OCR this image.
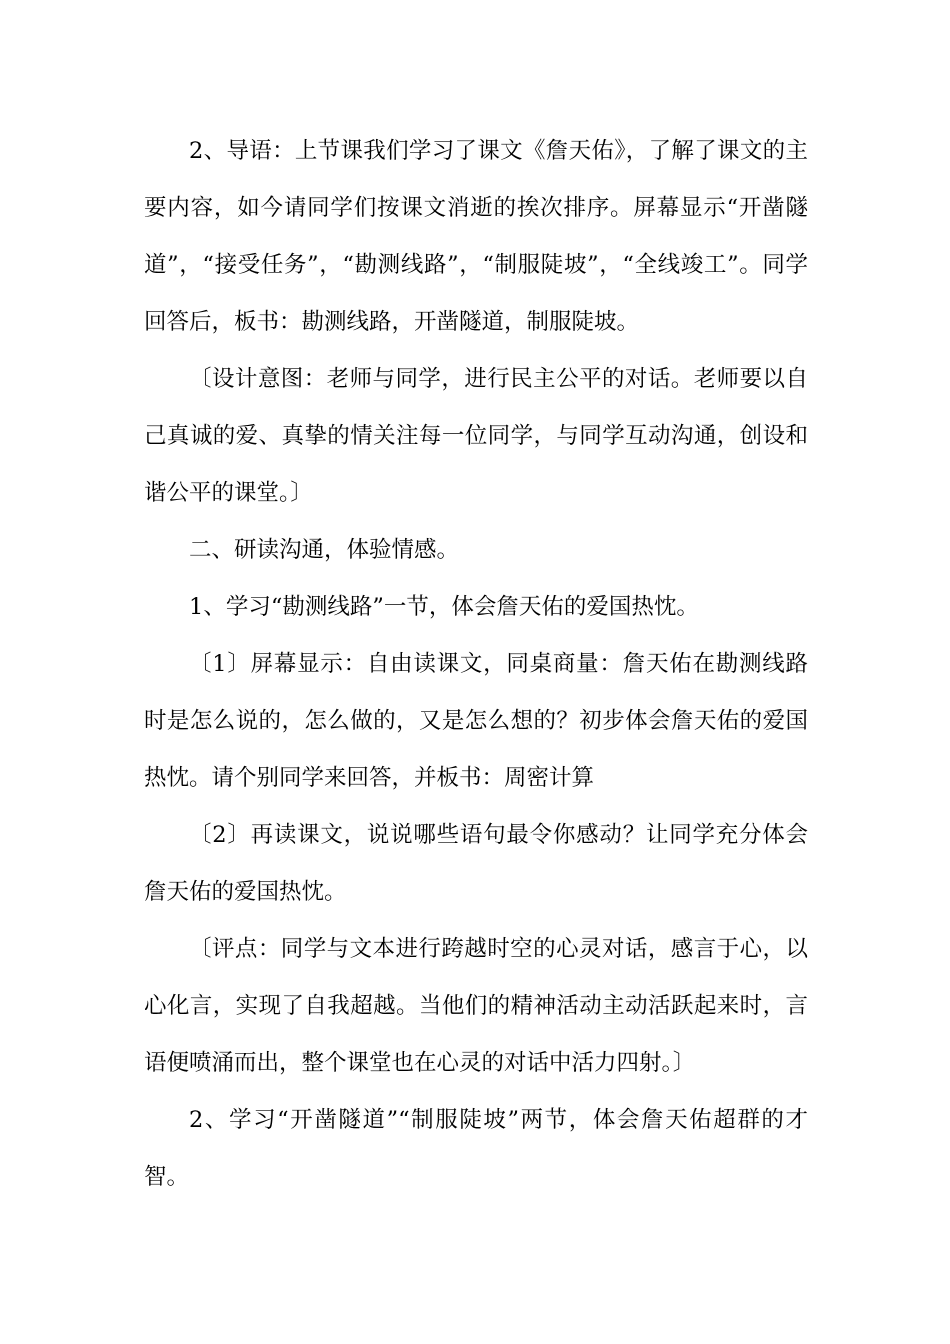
2、导语：上节课我们学习了课文《詹天佑》，了解了课文的主要内容，如今请同学们按课文消逝的挨次排序。屏幕显示“开凿隧道”，“接受任务”，“勘测线路”，“制服陡坡”，“全线竣工”。同学回答后，板书：勘测线路，开凿隧道，制服陡坡。

〔设计意图：老师与同学，进行民主公平的对话。老师要以自己真诚的爱、真挚的情关注每一位同学，与同学互动沟通，创设和谐公平的课堂。〕

二、研读沟通，体验情感。

1、学习“勘测线路”一节，体会詹天佑的爱国热忱。

〔1〕屏幕显示：自由读课文，同桌商量：詹天佑在勘测线路时是怎么说的，怎么做的，又是怎么想的？初步体会詹天佑的爱国热忱。请个别同学来回答，并板书：周密计算

〔2〕再读课文，说说哪些语句最令你感动？让同学充分体会詹天佑的爱国热忱。

〔评点：同学与文本进行跨越时空的心灵对话，感言于心，以心化言，实现了自我超越。当他们的精神活动主动活跃起来时，言语便喷涌而出，整个课堂也在心灵的对话中活力四射。〕

2、学习“开凿隧道”“制服陡坡”两节，体会詹天佑超群的才智。
